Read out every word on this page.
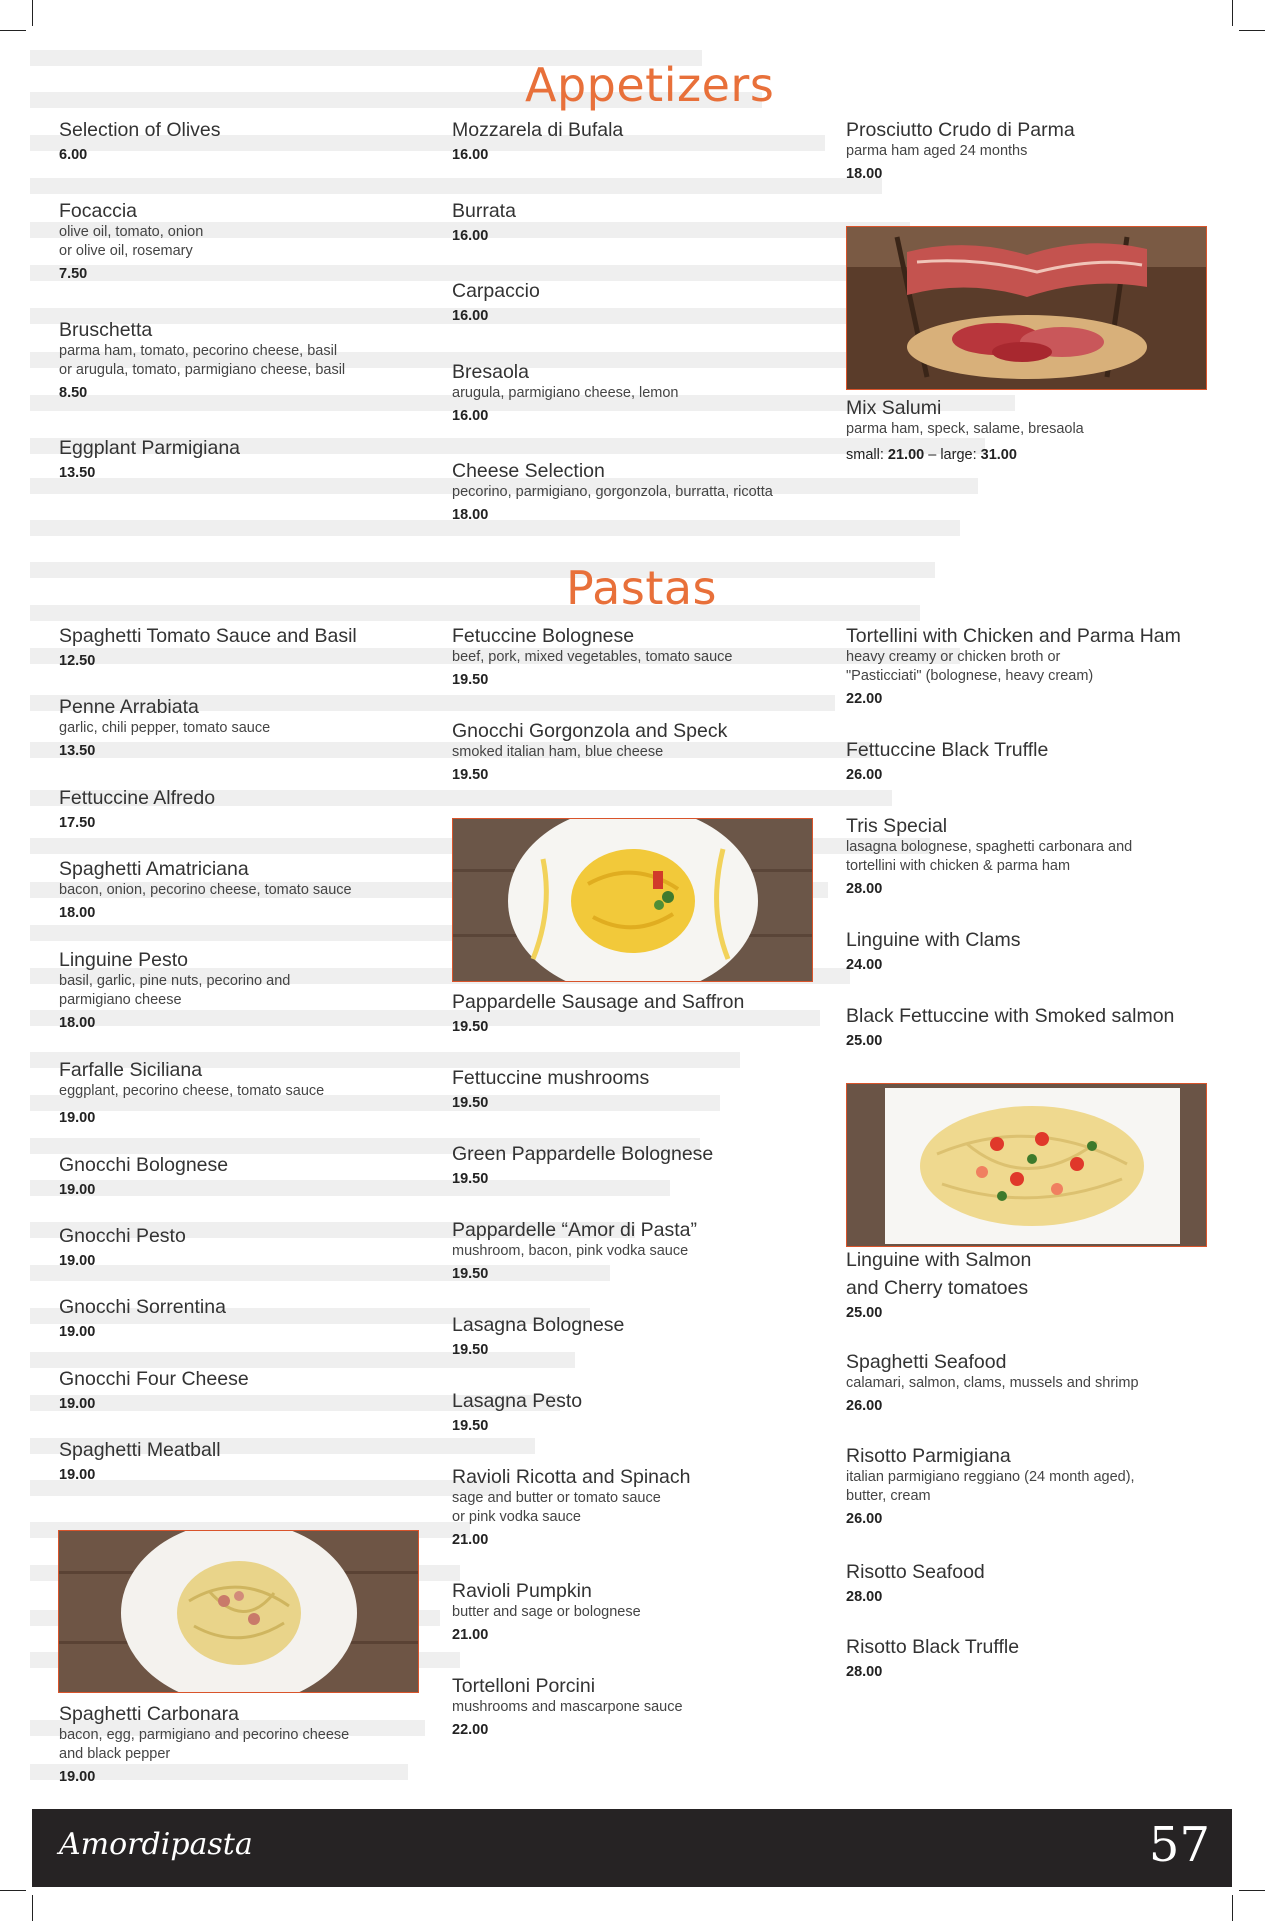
Appetizers
Selection of Olives
6.00
Focaccia
olive oil, tomato, onion
or olive oil, rosemary
7.50
Bruschetta
parma ham, tomato, pecorino cheese, basil
or arugula, tomato, parmigiano cheese, basil
8.50
Eggplant Parmigiana
13.50
Mozzarela di Bufala
16.00
Burrata
16.00
Carpaccio
16.00
Bresaola
arugula, parmigiano cheese, lemon
16.00
Cheese Selection
pecorino, parmigiano, gorgonzola, burratta, ricotta
18.00
Prosciutto Crudo di Parma
parma ham aged 24 months
18.00
Mix Salumi
parma ham, speck, salame, bresaola
small: 21.00 – large: 31.00
Pastas
Spaghetti Tomato Sauce and Basil
12.50
Penne Arrabiata
garlic, chili pepper, tomato sauce
13.50
Fettuccine Alfredo
17.50
Spaghetti Amatriciana
bacon, onion, pecorino cheese, tomato sauce
18.00
Linguine Pesto
basil, garlic, pine nuts, pecorino and
parmigiano cheese
18.00
Farfalle Siciliana
eggplant, pecorino cheese, tomato sauce
19.00
Gnocchi Bolognese
19.00
Gnocchi Pesto
19.00
Gnocchi Sorrentina
19.00
Gnocchi Four Cheese
19.00
Spaghetti Meatball
19.00
Spaghetti Carbonara
bacon, egg, parmigiano and pecorino cheese
and black pepper
19.00
Fetuccine Bolognese
beef, pork, mixed vegetables, tomato sauce
19.50
Gnocchi Gorgonzola and Speck
smoked italian ham, blue cheese
19.50
Pappardelle Sausage and Saffron
19.50
Fettuccine mushrooms
19.50
Green Pappardelle Bolognese
19.50
Pappardelle “Amor di Pasta”
mushroom, bacon, pink vodka sauce
19.50
Lasagna Bolognese
19.50
Lasagna Pesto
19.50
Ravioli Ricotta and Spinach
sage and butter or tomato sauce
or pink vodka sauce
21.00
Ravioli Pumpkin
butter and sage or bolognese
21.00
Tortelloni Porcini
mushrooms and mascarpone sauce
22.00
Tortellini with Chicken and Parma Ham
heavy creamy or chicken broth or
"Pasticciati" (bolognese, heavy cream)
22.00
Fettuccine Black Truffle
26.00
Tris Special
lasagna bolognese, spaghetti carbonara and
tortellini with chicken & parma ham
28.00
Linguine with Clams
24.00
Black Fettuccine with Smoked salmon
25.00
Linguine with Salmon
and Cherry tomatoes
25.00
Spaghetti Seafood
calamari, salmon, clams, mussels and shrimp
26.00
Risotto Parmigiana
italian parmigiano reggiano (24 month aged),
butter, cream
26.00
Risotto Seafood
28.00
Risotto Black Truffle
28.00
Amordipasta	57
